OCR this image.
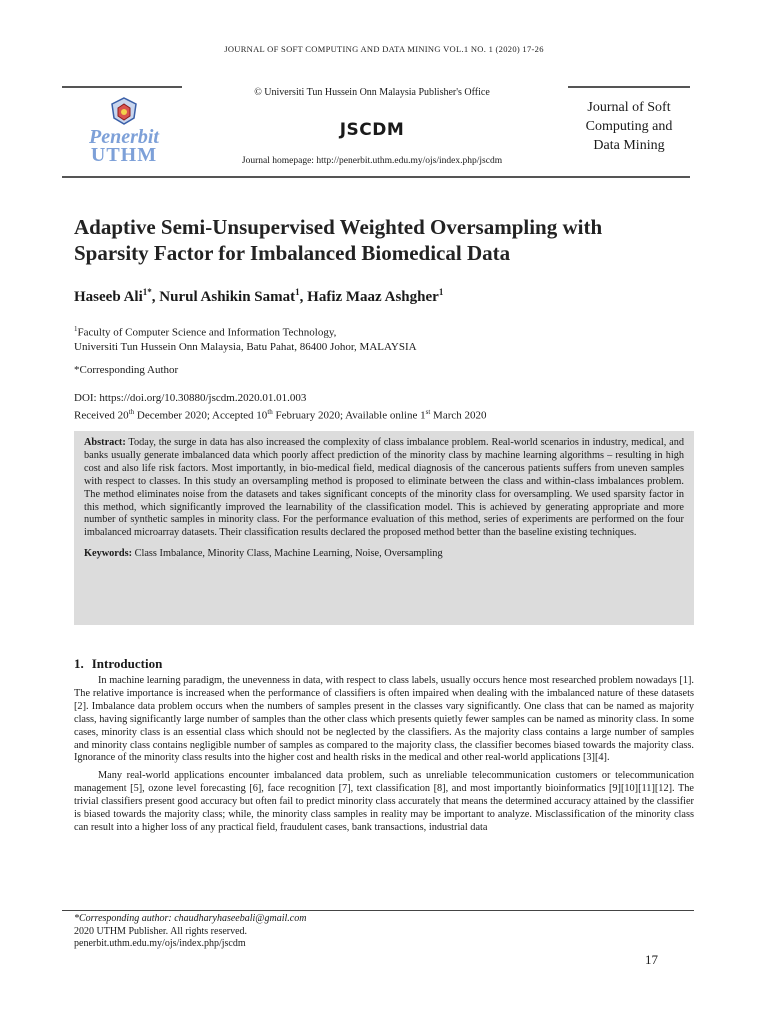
JOURNAL OF SOFT COMPUTING AND DATA MINING VOL.1 NO. 1 (2020) 17-26
Penerbit
UTHM
© Universiti Tun Hussein Onn Malaysia Publisher's Office
JSCDM
Journal homepage: http://penerbit.uthm.edu.my/ojs/index.php/jscdm
Journal of Soft
Computing and
Data Mining
Adaptive Semi-Unsupervised Weighted Oversampling with
Sparsity Factor for Imbalanced Biomedical Data
Haseeb Ali$^{1*}$, Nurul Ashikin Samat$^1$, Hafiz Maaz Ashgher$^1$
$^1$Faculty of Computer Science and Information Technology,
Universiti Tun Hussein Onn Malaysia, Batu Pahat, 86400 Johor, MALAYSIA
*Corresponding Author
DOI: https://doi.org/10.30880/jscdm.2020.01.01.003
Received 20th December 2020; Accepted 10th February 2020; Available online 1st March 2020
Abstract: Today, the surge in data has also increased the complexity of class imbalance problem. Real-world scenarios in industry, medical, and banks usually generate imbalanced data which poorly affect prediction of the minority class by machine learning algorithms – resulting in high cost and also life risk factors. Most importantly, in bio-medical field, medical diagnosis of the cancerous patients suffers from uneven samples with respect to classes. In this study an oversampling method is proposed to eliminate between the class and within-class imbalances problem. The method eliminates noise from the datasets and takes significant concepts of the minority class for oversampling. We used sparsity factor in this method, which significantly improved the learnability of the classification model. This is achieved by generating appropriate and more number of synthetic samples in minority class. For the performance evaluation of this method, series of experiments are performed on the four imbalanced microarray datasets. Their classification results declared the proposed method better than the baseline existing techniques.
Keywords: Class Imbalance, Minority Class, Machine Learning, Noise, Oversampling
1. Introduction

In machine learning paradigm, the unevenness in data, with respect to class labels, usually occurs hence most researched problem nowadays [1]. The relative importance is increased when the performance of classifiers is often impaired when dealing with the imbalanced nature of these datasets [2]. Imbalance data problem occurs when the numbers of samples present in the classes vary significantly. One class that can be named as majority class, having significantly large number of samples than the other class which presents quietly fewer samples can be named as minority class. In some cases, minority class is an essential class which should not be neglected by the classifiers. As the majority class contains a large number of samples and minority class contains negligible number of samples as compared to the majority class, the classifier becomes biased towards the majority class. Ignorance of the minority class results into the higher cost and health risks in the medical and other real-world applications [3][4].

Many real-world applications encounter imbalanced data problem, such as unreliable telecommunication customers or telecommunication management [5], ozone level forecasting [6], face recognition [7], text classification [8], and most importantly bioinformatics [9][10][11][12]. The trivial classifiers present good accuracy but often fail to predict minority class accurately that means the determined accuracy attained by the classifier is biased towards the majority class; while, the minority class samples in reality may be important to analyze. Misclassification of the minority class can result into a higher loss of any practical field, fraudulent cases, bank transactions, industrial data

*Corresponding author: chaudharyhaseebali@gmail.com
2020 UTHM Publisher. All rights reserved.
penerbit.uthm.edu.my/ojs/index.php/jscdm
17
